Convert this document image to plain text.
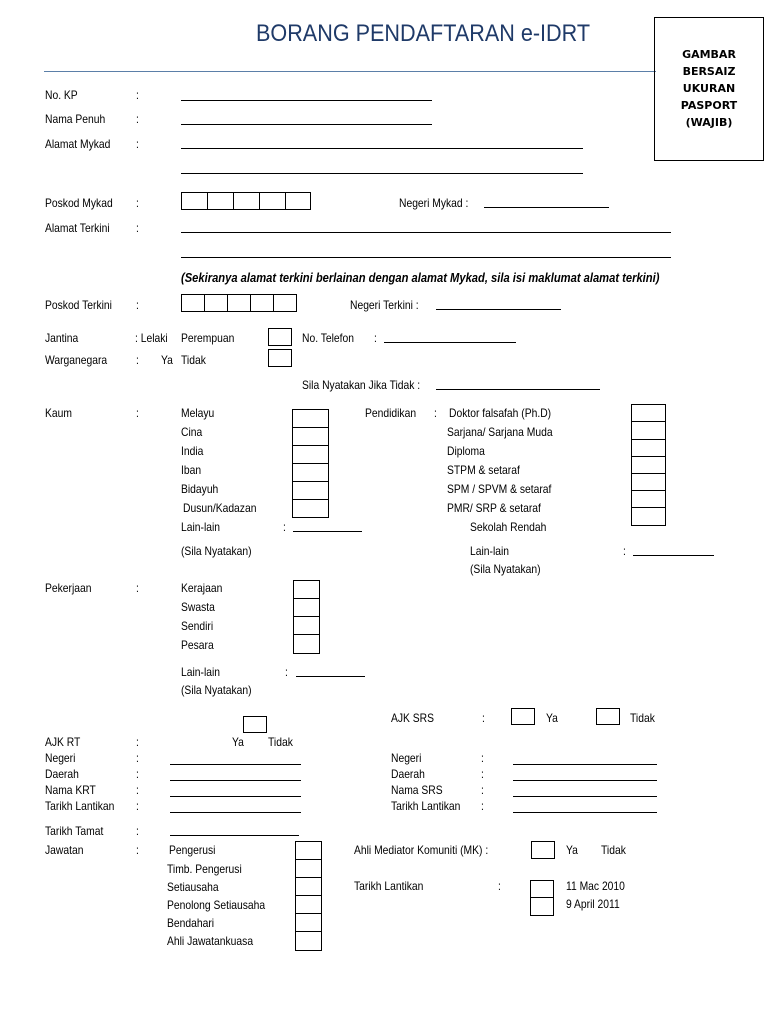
BORANG PENDAFTARAN e-IDRT
GAMBAR
BERSAIZ
UKURAN
PASPORT
(WAJIB)
No. KP	:
Nama Penuh	:
Alamat Mykad :
Poskod Mykad :	Negeri Mykad :
Alamat Terkini :
(Sekiranya alamat terkini berlainan dengan alamat Mykad, sila isi maklumat alamat terkini)
Poskod Terkini :	Negeri Terkini :
Jantina	: Lelaki Perempuan	No. Telefon :
Warganegara : Ya Tidak
Sila Nyatakan Jika Tidak :
Kaum	:	Melayu
Cina
India
Iban
Bidayuh
Dusun/Kadazan
Lain-lain	:
(Sila Nyatakan)
Pendidikan : Doktor falsafah (Ph.D)
Sarjana/ Sarjana Muda
Diploma
STPM & setaraf
SPM / SPVM & setaraf
PMR/ SRP & setaraf
Sekolah Rendah
Lain-lain	:
(Sila Nyatakan)
Pekerjaan	:	Kerajaan
Swasta
Sendiri
Pesara
Lain-lain	:
(Sila Nyatakan)
AJK RT	:	Ya Tidak
Negeri	:
Daerah	:
Nama KRT	:
Tarikh Lantikan :
Tarikh Tamat	:
Jawatan	:	Pengerusi
Timb. Pengerusi
Setiausaha
Penolong Setiausaha
Bendahari
Ahli Jawatankuasa
AJK SRS	:	Ya	Tidak
Negeri	:
Daerah	:
Nama SRS	:
Tarikh Lantikan :
Ahli Mediator Komuniti (MK) :	Ya Tidak
Tarikh Lantikan	:	11 Mac 2010
9 April 2011
